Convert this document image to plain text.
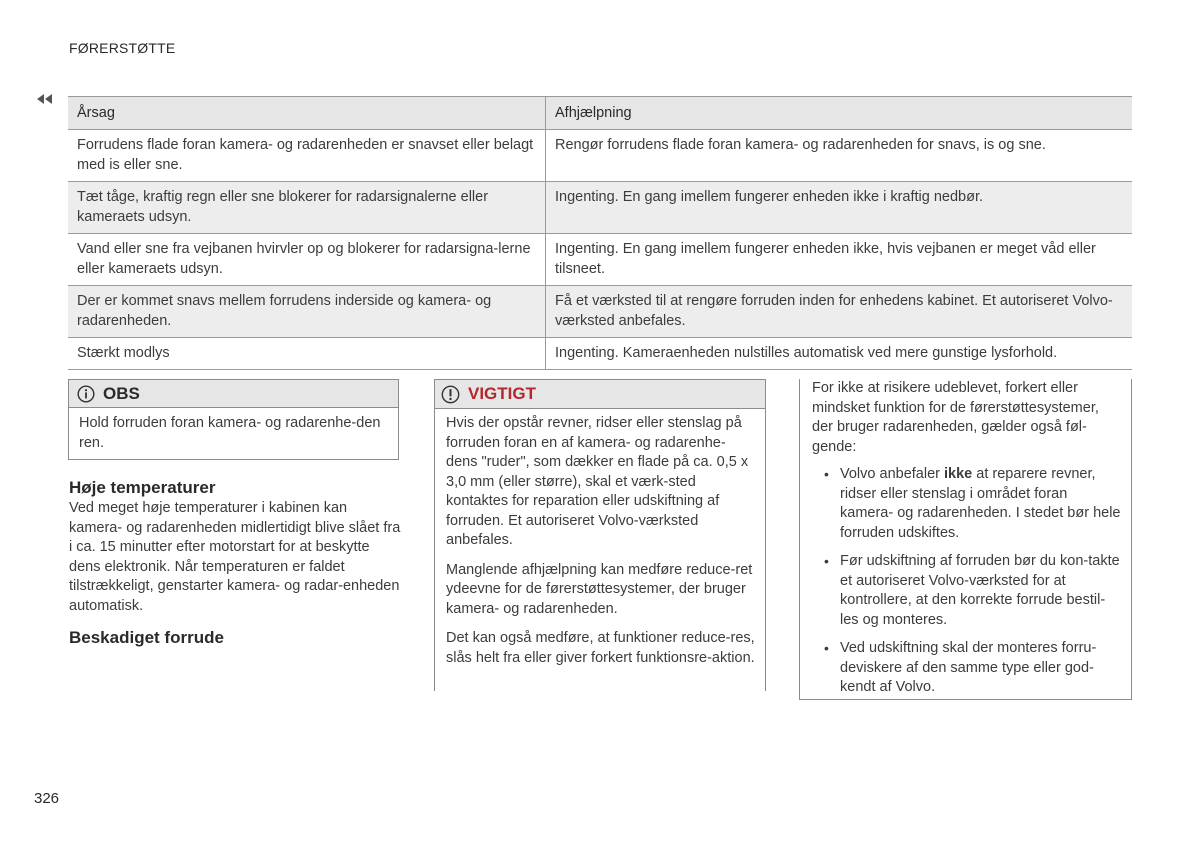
FØRERSTØTTE
Årsag	Afhjælpning
Forrudens flade foran kamera- og radarenheden er snavset eller belagt med is eller sne.	Rengør forrudens flade foran kamera- og radarenheden for snavs, is og sne.
Tæt tåge, kraftig regn eller sne blokerer for radarsignalerne eller kameraets udsyn.	Ingenting. En gang imellem fungerer enheden ikke i kraftig nedbør.
Vand eller sne fra vejbanen hvirvler op og blokerer for radarsigna-lerne eller kameraets udsyn.	Ingenting. En gang imellem fungerer enheden ikke, hvis vejbanen er meget våd eller tilsneet.
Der er kommet snavs mellem forrudens inderside og kamera- og radarenheden.	Få et værksted til at rengøre forruden inden for enhedens kabinet. Et autoriseret Volvo-værksted anbefales.
Stærkt modlys	Ingenting. Kameraenheden nulstilles automatisk ved mere gunstige lysforhold.
OBS
Hold forruden foran kamera- og radarenhe-den ren.
Høje temperaturer
Ved meget høje temperaturer i kabinen kan kamera- og radarenheden midlertidigt blive slået fra i ca. 15 minutter efter motorstart for at beskytte dens elektronik. Når temperaturen er faldet tilstrækkeligt, genstarter kamera- og radar-enheden automatisk.
Beskadiget forrude
VIGTIGT

Hvis der opstår revner, ridser eller stenslag på forruden foran en af kamera- og radarenhe-dens "ruder", som dækker en flade på ca. 0,5 x 3,0 mm (eller større), skal et værk-sted kontaktes for reparation eller udskiftning af forruden. Et autoriseret Volvo-værksted anbefales.

Manglende afhjælpning kan medføre reduce-ret ydeevne for de førerstøttesystemer, der bruger kamera- og radarenheden.

Det kan også medføre, at funktioner reduce-res, slås helt fra eller giver forkert funktionsre-aktion.

For ikke at risikere udeblevet, forkert eller mindsket funktion for de førerstøttesystemer, der bruger radarenheden, gælder også føl-gende:

• Volvo anbefaler ikke at reparere revner, ridser eller stenslag i området foran kamera- og radarenheden. I stedet bør hele forruden udskiftes.
• Før udskiftning af forruden bør du kon-takte et autoriseret Volvo-værksted for at kontrollere, at den korrekte forrude bestil-les og monteres.
• Ved udskiftning skal der monteres forru-deviskere af den samme type eller god-kendt af Volvo.
326
